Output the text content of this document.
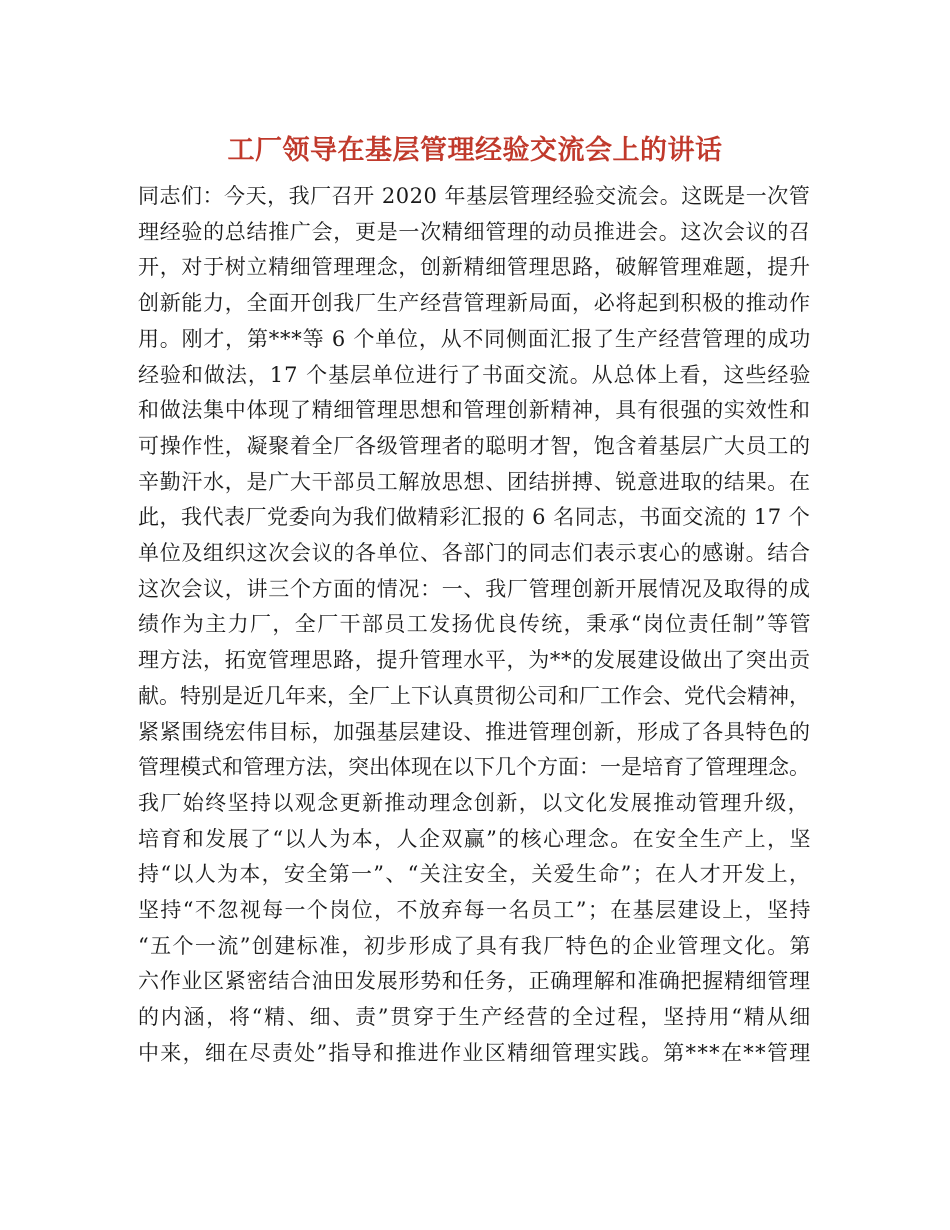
工厂领导在基层管理经验交流会上的讲话
同志们：今天，我厂召开 2020 年基层管理经验交流会。这既是一次管
理经验的总结推广会，更是一次精细管理的动员推进会。这次会议的召
开，对于树立精细管理理念，创新精细管理思路，破解管理难题，提升
创新能力，全面开创我厂生产经营管理新局面，必将起到积极的推动作
用。刚才，第***等 6 个单位，从不同侧面汇报了生产经营管理的成功
经验和做法，17 个基层单位进行了书面交流。从总体上看，这些经验
和做法集中体现了精细管理思想和管理创新精神，具有很强的实效性和
可操作性，凝聚着全厂各级管理者的聪明才智，饱含着基层广大员工的
辛勤汗水，是广大干部员工解放思想、团结拼搏、锐意进取的结果。在
此，我代表厂党委向为我们做精彩汇报的 6 名同志，书面交流的 17 个
单位及组织这次会议的各单位、各部门的同志们表示衷心的感谢。结合
这次会议，讲三个方面的情况：一、我厂管理创新开展情况及取得的成
绩作为主力厂，全厂干部员工发扬优良传统，秉承“岗位责任制”等管
理方法，拓宽管理思路，提升管理水平，为**的发展建设做出了突出贡
献。特别是近几年来，全厂上下认真贯彻公司和厂工作会、党代会精神，
紧紧围绕宏伟目标，加强基层建设、推进管理创新，形成了各具特色的
管理模式和管理方法，突出体现在以下几个方面：一是培育了管理理念。
我厂始终坚持以观念更新推动理念创新，以文化发展推动管理升级，
培育和发展了“以人为本，人企双赢”的核心理念。在安全生产上，坚
持“以人为本，安全第一”、“关注安全，关爱生命”；在人才开发上，
坚持“不忽视每一个岗位，不放弃每一名员工”；在基层建设上，坚持
“五个一流”创建标准，初步形成了具有我厂特色的企业管理文化。第
六作业区紧密结合油田发展形势和任务，正确理解和准确把握精细管理
的内涵，将“精、细、责”贯穿于生产经营的全过程，坚持用“精从细
中来，细在尽责处”指导和推进作业区精细管理实践。第***在**管理
